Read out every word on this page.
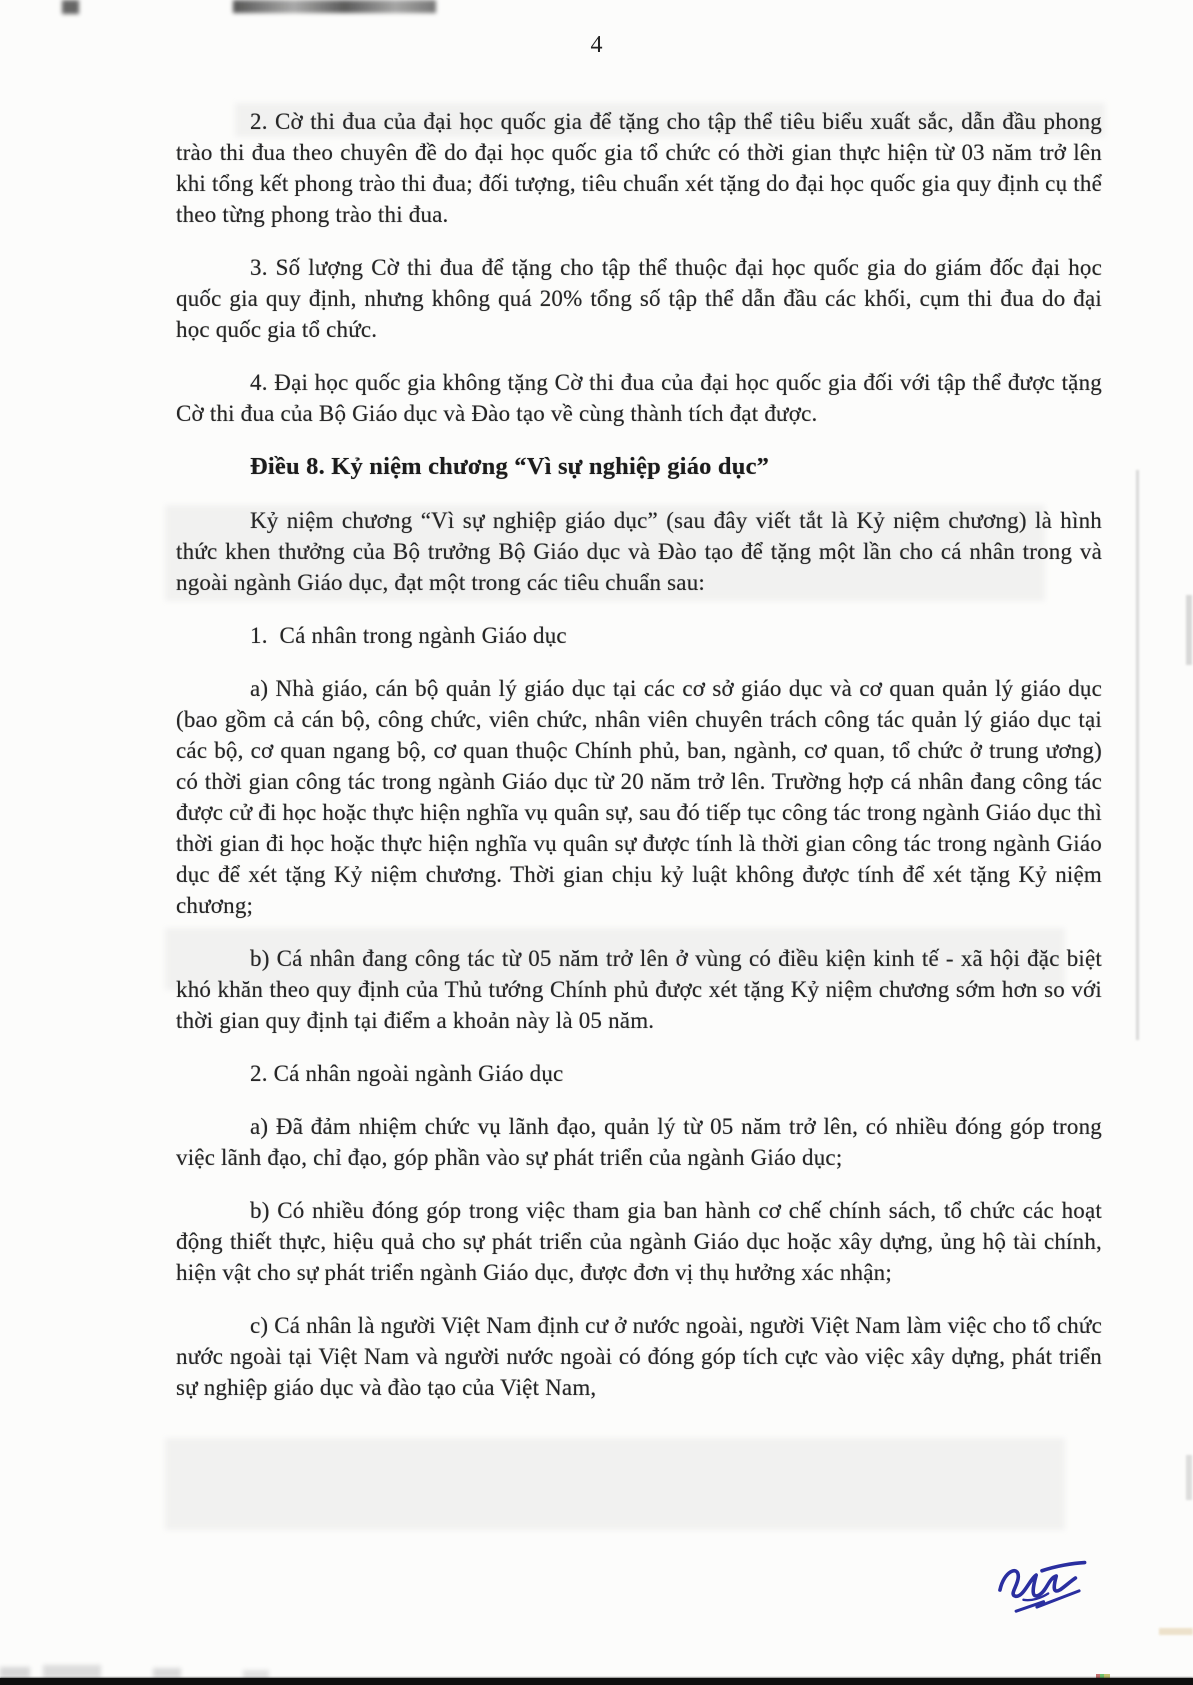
4

2. Cờ thi đua của đại học quốc gia để tặng cho tập thể tiêu biểu xuất sắc, dẫn đầu phong trào thi đua theo chuyên đề do đại học quốc gia tổ chức có thời gian thực hiện từ 03 năm trở lên khi tổng kết phong trào thi đua; đối tượng, tiêu chuẩn xét tặng do đại học quốc gia quy định cụ thể theo từng phong trào thi đua.

3. Số lượng Cờ thi đua để tặng cho tập thể thuộc đại học quốc gia do giám đốc đại học quốc gia quy định, nhưng không quá 20% tổng số tập thể dẫn đầu các khối, cụm thi đua do đại học quốc gia tổ chức.

4. Đại học quốc gia không tặng Cờ thi đua của đại học quốc gia đối với tập thể được tặng Cờ thi đua của Bộ Giáo dục và Đào tạo về cùng thành tích đạt được.

Điều 8. Kỷ niệm chương “Vì sự nghiệp giáo dục”

Kỷ niệm chương “Vì sự nghiệp giáo dục” (sau đây viết tắt là Kỷ niệm chương) là hình thức khen thưởng của Bộ trưởng Bộ Giáo dục và Đào tạo để tặng một lần cho cá nhân trong và ngoài ngành Giáo dục, đạt một trong các tiêu chuẩn sau:

1.  Cá nhân trong ngành Giáo dục

a) Nhà giáo, cán bộ quản lý giáo dục tại các cơ sở giáo dục và cơ quan quản lý giáo dục (bao gồm cả cán bộ, công chức, viên chức, nhân viên chuyên trách công tác quản lý giáo dục tại các bộ, cơ quan ngang bộ, cơ quan thuộc Chính phủ, ban, ngành, cơ quan, tổ chức ở trung ương) có thời gian công tác trong ngành Giáo dục từ 20 năm trở lên. Trường hợp cá nhân đang công tác được cử đi học hoặc thực hiện nghĩa vụ quân sự, sau đó tiếp tục công tác trong ngành Giáo dục thì thời gian đi học hoặc thực hiện nghĩa vụ quân sự được tính là thời gian công tác trong ngành Giáo dục để xét tặng Kỷ niệm chương. Thời gian chịu kỷ luật không được tính để xét tặng Kỷ niệm chương;

b) Cá nhân đang công tác từ 05 năm trở lên ở vùng có điều kiện kinh tế - xã hội đặc biệt khó khăn theo quy định của Thủ tướng Chính phủ được xét tặng Kỷ niệm chương sớm hơn so với thời gian quy định tại điểm a khoản này là 05 năm.

2. Cá nhân ngoài ngành Giáo dục

a) Đã đảm nhiệm chức vụ lãnh đạo, quản lý từ 05 năm trở lên, có nhiều đóng góp trong việc lãnh đạo, chỉ đạo, góp phần vào sự phát triển của ngành Giáo dục;

b) Có nhiều đóng góp trong việc tham gia ban hành cơ chế chính sách, tổ chức các hoạt động thiết thực, hiệu quả cho sự phát triển của ngành Giáo dục hoặc xây dựng, ủng hộ tài chính, hiện vật cho sự phát triển ngành Giáo dục, được đơn vị thụ hưởng xác nhận;

c) Cá nhân là người Việt Nam định cư ở nước ngoài, người Việt Nam làm việc cho tổ chức nước ngoài tại Việt Nam và người nước ngoài có đóng góp tích cực vào việc xây dựng, phát triển sự nghiệp giáo dục và đào tạo của Việt Nam,
